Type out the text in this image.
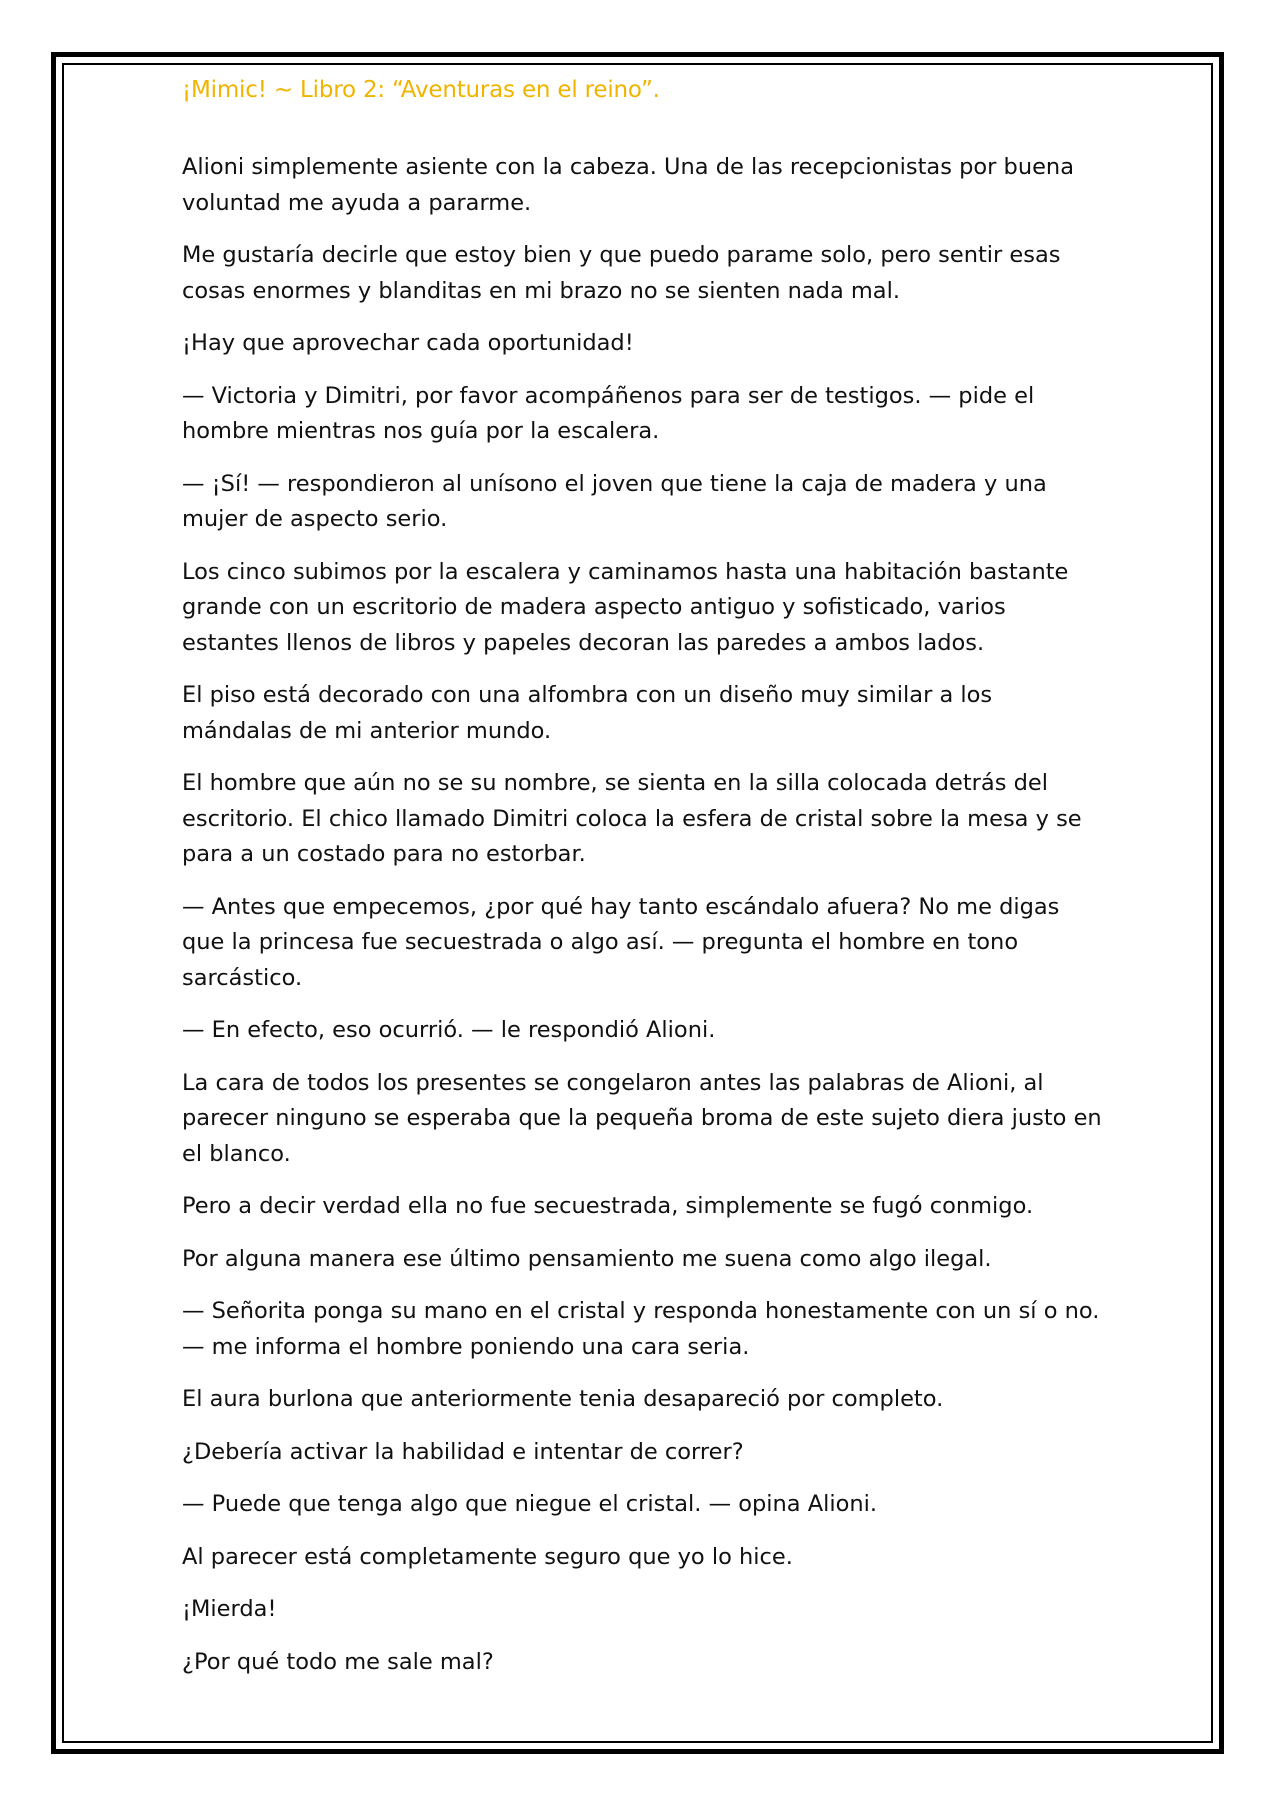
¡Mimic! ~ Libro 2: “Aventuras en el reino”.

Alioni simplemente asiente con la cabeza. Una de las recepcionistas por buena voluntad me ayuda a pararme.

Me gustaría decirle que estoy bien y que puedo parame solo, pero sentir esas cosas enormes y blanditas en mi brazo no se sienten nada mal.

¡Hay que aprovechar cada oportunidad!

— Victoria y Dimitri, por favor acompáñenos para ser de testigos. — pide el hombre mientras nos guía por la escalera.

— ¡Sí! — respondieron al unísono el joven que tiene la caja de madera y una mujer de aspecto serio.

Los cinco subimos por la escalera y caminamos hasta una habitación bastante grande con un escritorio de madera aspecto antiguo y sofisticado, varios estantes llenos de libros y papeles decoran las paredes a ambos lados.

El piso está decorado con una alfombra con un diseño muy similar a los mándalas de mi anterior mundo.

El hombre que aún no se su nombre, se sienta en la silla colocada detrás del escritorio. El chico llamado Dimitri coloca la esfera de cristal sobre la mesa y se para a un costado para no estorbar.

— Antes que empecemos, ¿por qué hay tanto escándalo afuera? No me digas que la princesa fue secuestrada o algo así. — pregunta el hombre en tono sarcástico.

— En efecto, eso ocurrió. — le respondió Alioni.

La cara de todos los presentes se congelaron antes las palabras de Alioni, al parecer ninguno se esperaba que la pequeña broma de este sujeto diera justo en el blanco.

Pero a decir verdad ella no fue secuestrada, simplemente se fugó conmigo.

Por alguna manera ese último pensamiento me suena como algo ilegal.

— Señorita ponga su mano en el cristal y responda honestamente con un sí o no. — me informa el hombre poniendo una cara seria.

El aura burlona que anteriormente tenia desapareció por completo.

¿Debería activar la habilidad e intentar de correr?

— Puede que tenga algo que niegue el cristal. — opina Alioni.

Al parecer está completamente seguro que yo lo hice.

¡Mierda!

¿Por qué todo me sale mal?
